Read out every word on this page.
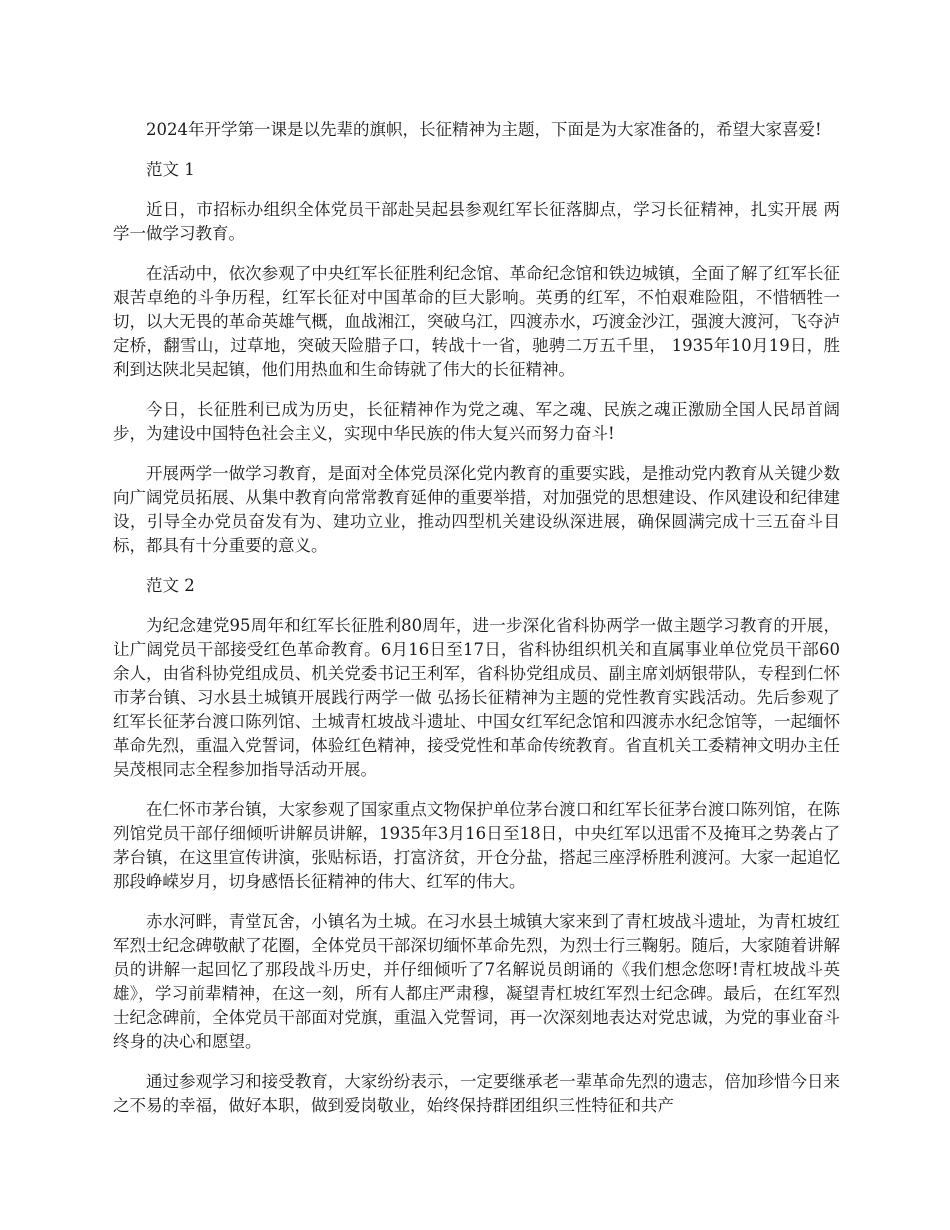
2024年开学第一课是以先辈的旗帜，长征精神为主题，下面是为大家准备的，希望大家喜爱!

范文 1

近日，市招标办组织全体党员干部赴吴起县参观红军长征落脚点，学习长征精神，扎实开展 两学一做学习教育。

在活动中，依次参观了中央红军长征胜利纪念馆、革命纪念馆和铁边城镇，全面了解了红军长征艰苦卓绝的斗争历程，红军长征对中国革命的巨大影响。英勇的红军，不怕艰难险阻，不惜牺牲一切，以大无畏的革命英雄气概，血战湘江，突破乌江，四渡赤水，巧渡金沙江，强渡大渡河，飞夺泸定桥，翻雪山，过草地，突破天险腊子口，转战十一省，驰骋二万五千里， 1935年10月19日，胜利到达陕北吴起镇，他们用热血和生命铸就了伟大的长征精神。

今日，长征胜利已成为历史，长征精神作为党之魂、军之魂、民族之魂正激励全国人民昂首阔步，为建设中国特色社会主义，实现中华民族的伟大复兴而努力奋斗!

开展两学一做学习教育，是面对全体党员深化党内教育的重要实践，是推动党内教育从关键少数向广阔党员拓展、从集中教育向常常教育延伸的重要举措，对加强党的思想建设、作风建设和纪律建设，引导全办党员奋发有为、建功立业，推动四型机关建设纵深进展，确保圆满完成十三五奋斗目标，都具有十分重要的意义。

范文 2

为纪念建党95周年和红军长征胜利80周年，进一步深化省科协两学一做主题学习教育的开展，让广阔党员干部接受红色革命教育。6月16日至17日，省科协组织机关和直属事业单位党员干部60余人，由省科协党组成员、机关党委书记王利军，省科协党组成员、副主席刘炳银带队，专程到仁怀市茅台镇、习水县土城镇开展践行两学一做 弘扬长征精神为主题的党性教育实践活动。先后参观了红军长征茅台渡口陈列馆、土城青杠坡战斗遗址、中国女红军纪念馆和四渡赤水纪念馆等，一起缅怀革命先烈，重温入党誓词，体验红色精神，接受党性和革命传统教育。省直机关工委精神文明办主任吴茂根同志全程参加指导活动开展。

在仁怀市茅台镇，大家参观了国家重点文物保护单位茅台渡口和红军长征茅台渡口陈列馆，在陈列馆党员干部仔细倾听讲解员讲解，1935年3月16日至18日，中央红军以迅雷不及掩耳之势袭占了茅台镇，在这里宣传讲演，张贴标语，打富济贫，开仓分盐，搭起三座浮桥胜利渡河。大家一起追忆那段峥嵘岁月，切身感悟长征精神的伟大、红军的伟大。

赤水河畔，青堂瓦舍，小镇名为土城。在习水县土城镇大家来到了青杠坡战斗遗址，为青杠坡红军烈士纪念碑敬献了花圈，全体党员干部深切缅怀革命先烈，为烈士行三鞠躬。随后，大家随着讲解员的讲解一起回忆了那段战斗历史，并仔细倾听了7名解说员朗诵的《我们想念您呀!青杠坡战斗英雄》，学习前辈精神，在这一刻，所有人都庄严肃穆，凝望青杠坡红军烈士纪念碑。最后，在红军烈士纪念碑前，全体党员干部面对党旗，重温入党誓词，再一次深刻地表达对党忠诚，为党的事业奋斗终身的决心和愿望。

通过参观学习和接受教育，大家纷纷表示，一定要继承老一辈革命先烈的遗志，倍加珍惜今日来之不易的幸福，做好本职，做到爱岗敬业，始终保持群团组织三性特征和共产
